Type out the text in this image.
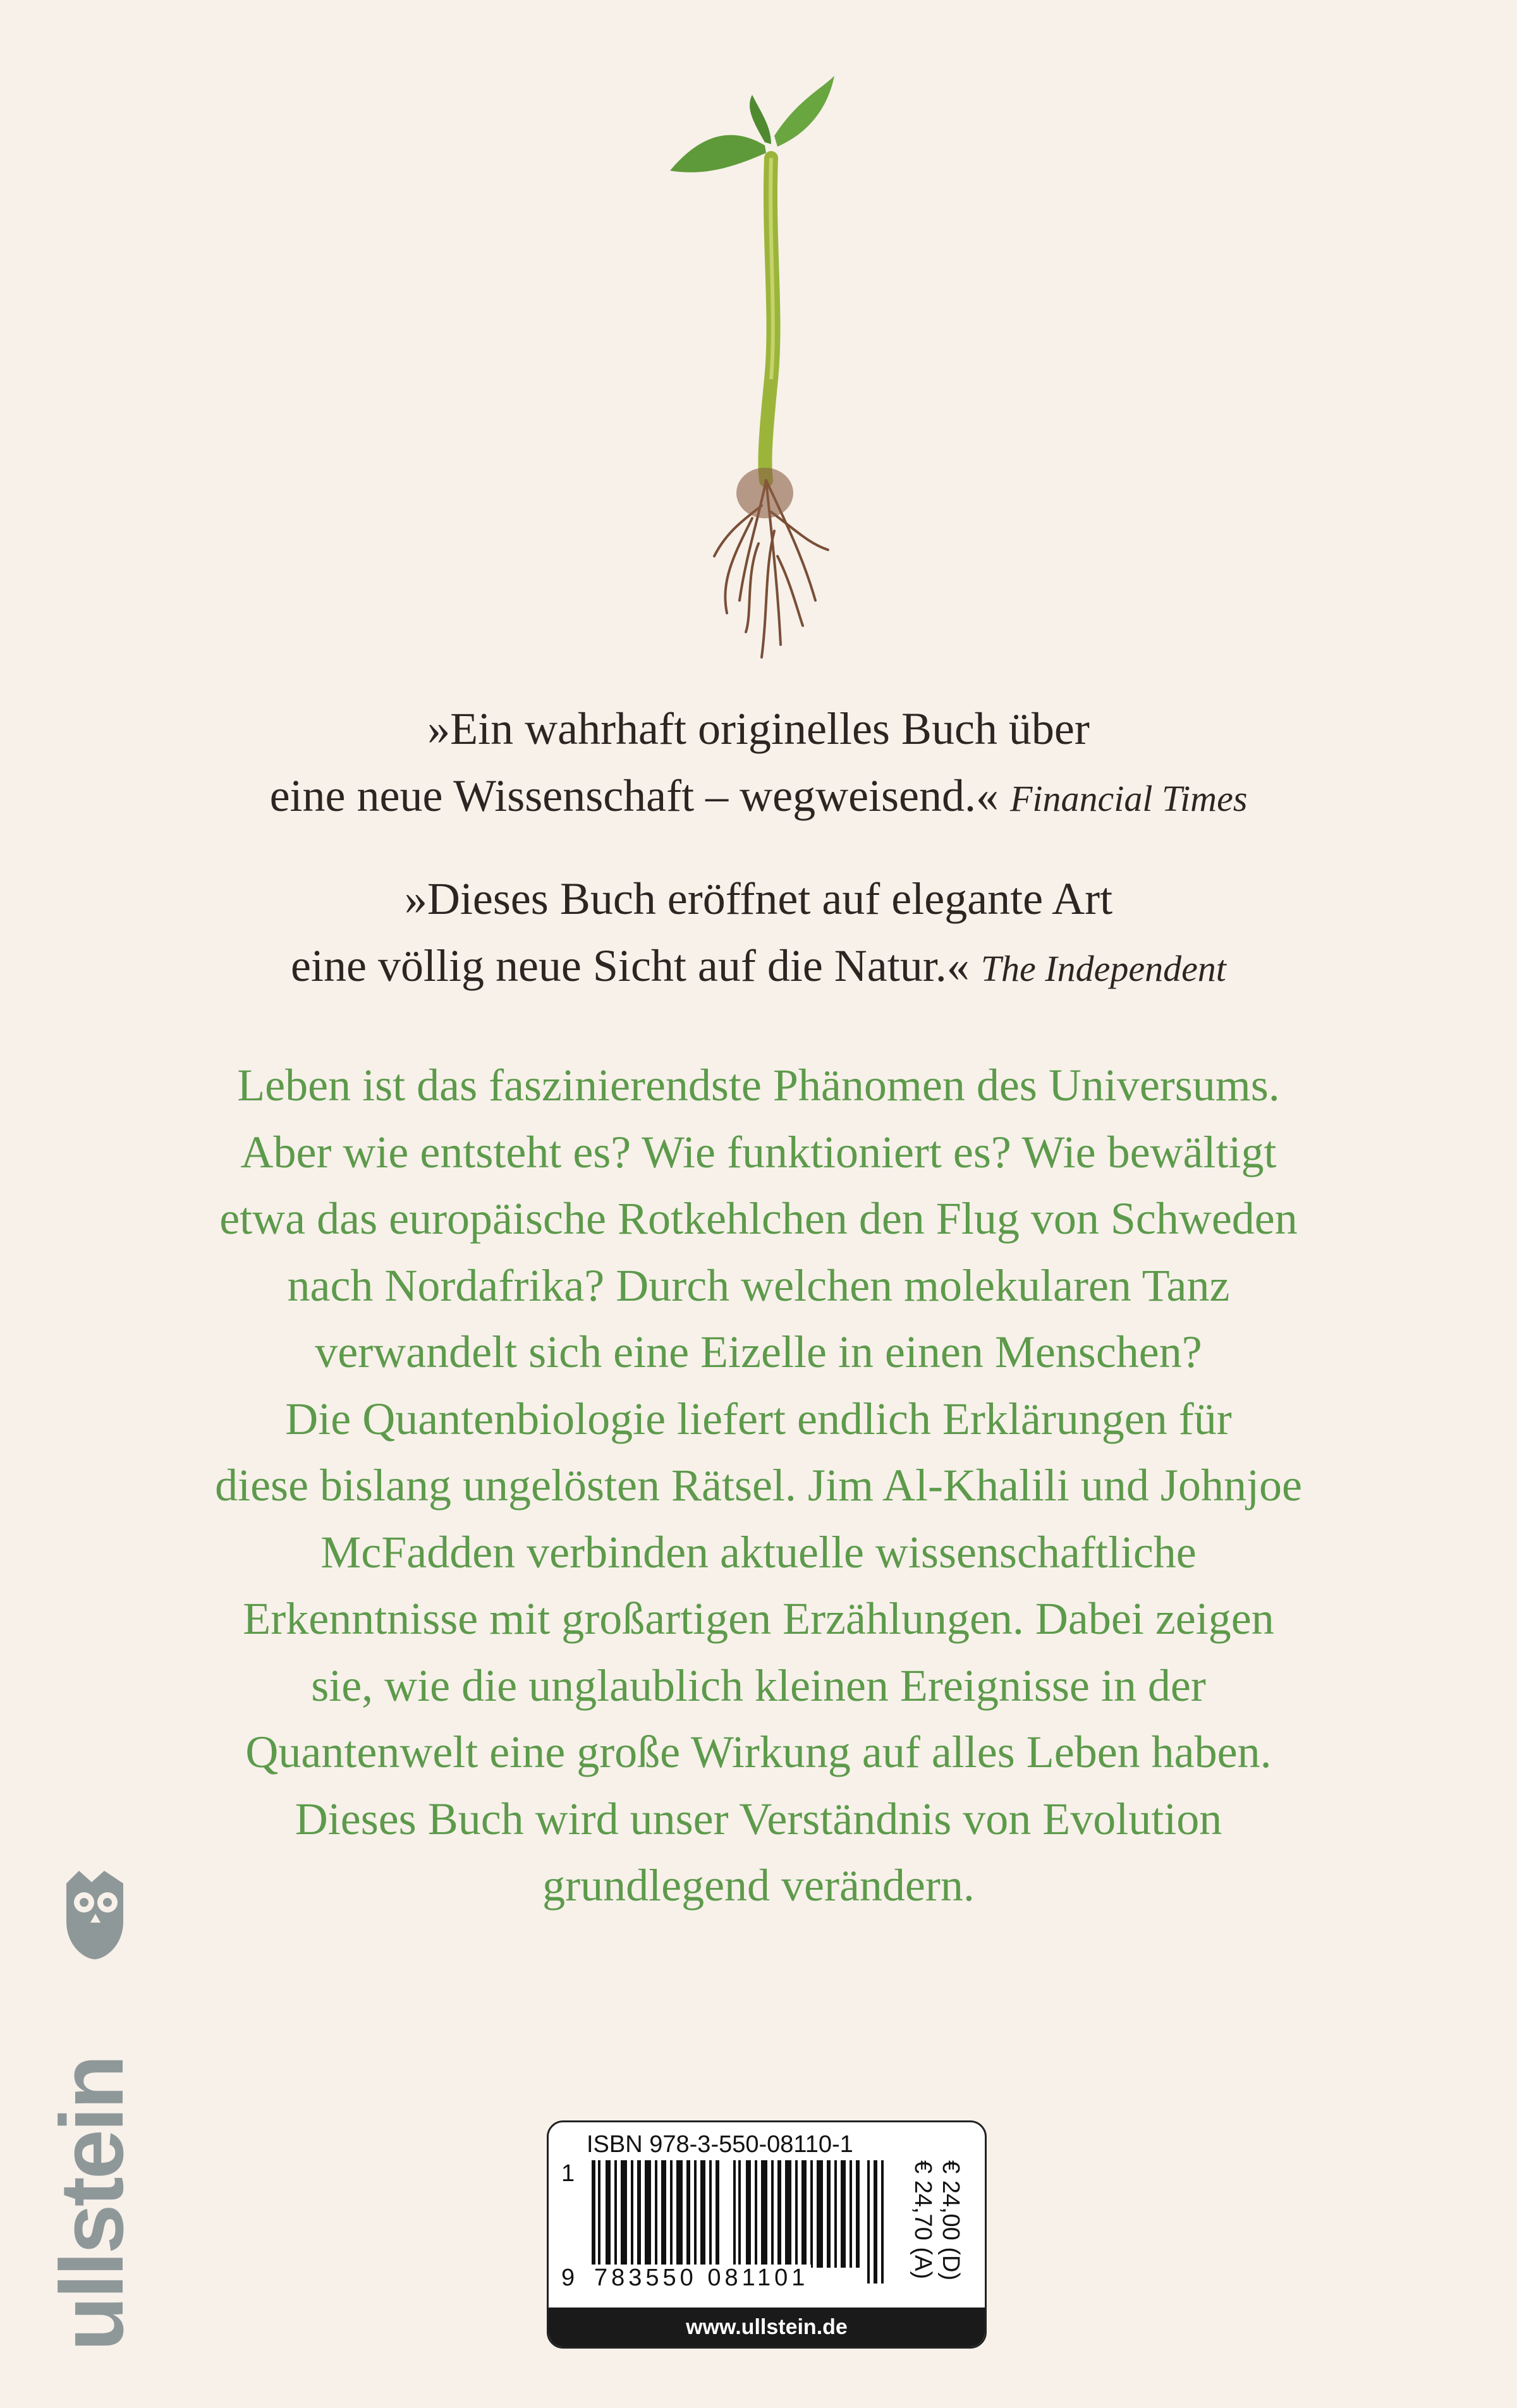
»Ein wahrhaft originelles Buch über
eine neue Wissenschaft – wegweisend.« Financial Times
»Dieses Buch eröffnet auf elegante Art
eine völlig neue Sicht auf die Natur.« The Independent
Leben ist das faszinierendste Phänomen des Universums.
Aber wie entsteht es? Wie funktioniert es? Wie bewältigt
etwa das europäische Rotkehlchen den Flug von Schweden
nach Nordafrika? Durch welchen molekularen Tanz
verwandelt sich eine Eizelle in einen Menschen?
Die Quantenbiologie liefert endlich Erklärungen für
diese bislang ungelösten Rätsel. Jim Al-Khalili und Johnjoe
McFadden verbinden aktuelle wissenschaftliche
Erkenntnisse mit großartigen Erzählungen. Dabei zeigen
sie, wie die unglaublich kleinen Ereignisse in der
Quantenwelt eine große Wirkung auf alles Leben haben.
Dieses Buch wird unser Verständnis von Evolution
grundlegend verändern.
ullstein	ISBN 978-3-550-08110-1
1
9 783550 081101	€ 24,00 (D)
€ 24,70 (A)
www.ullstein.de
